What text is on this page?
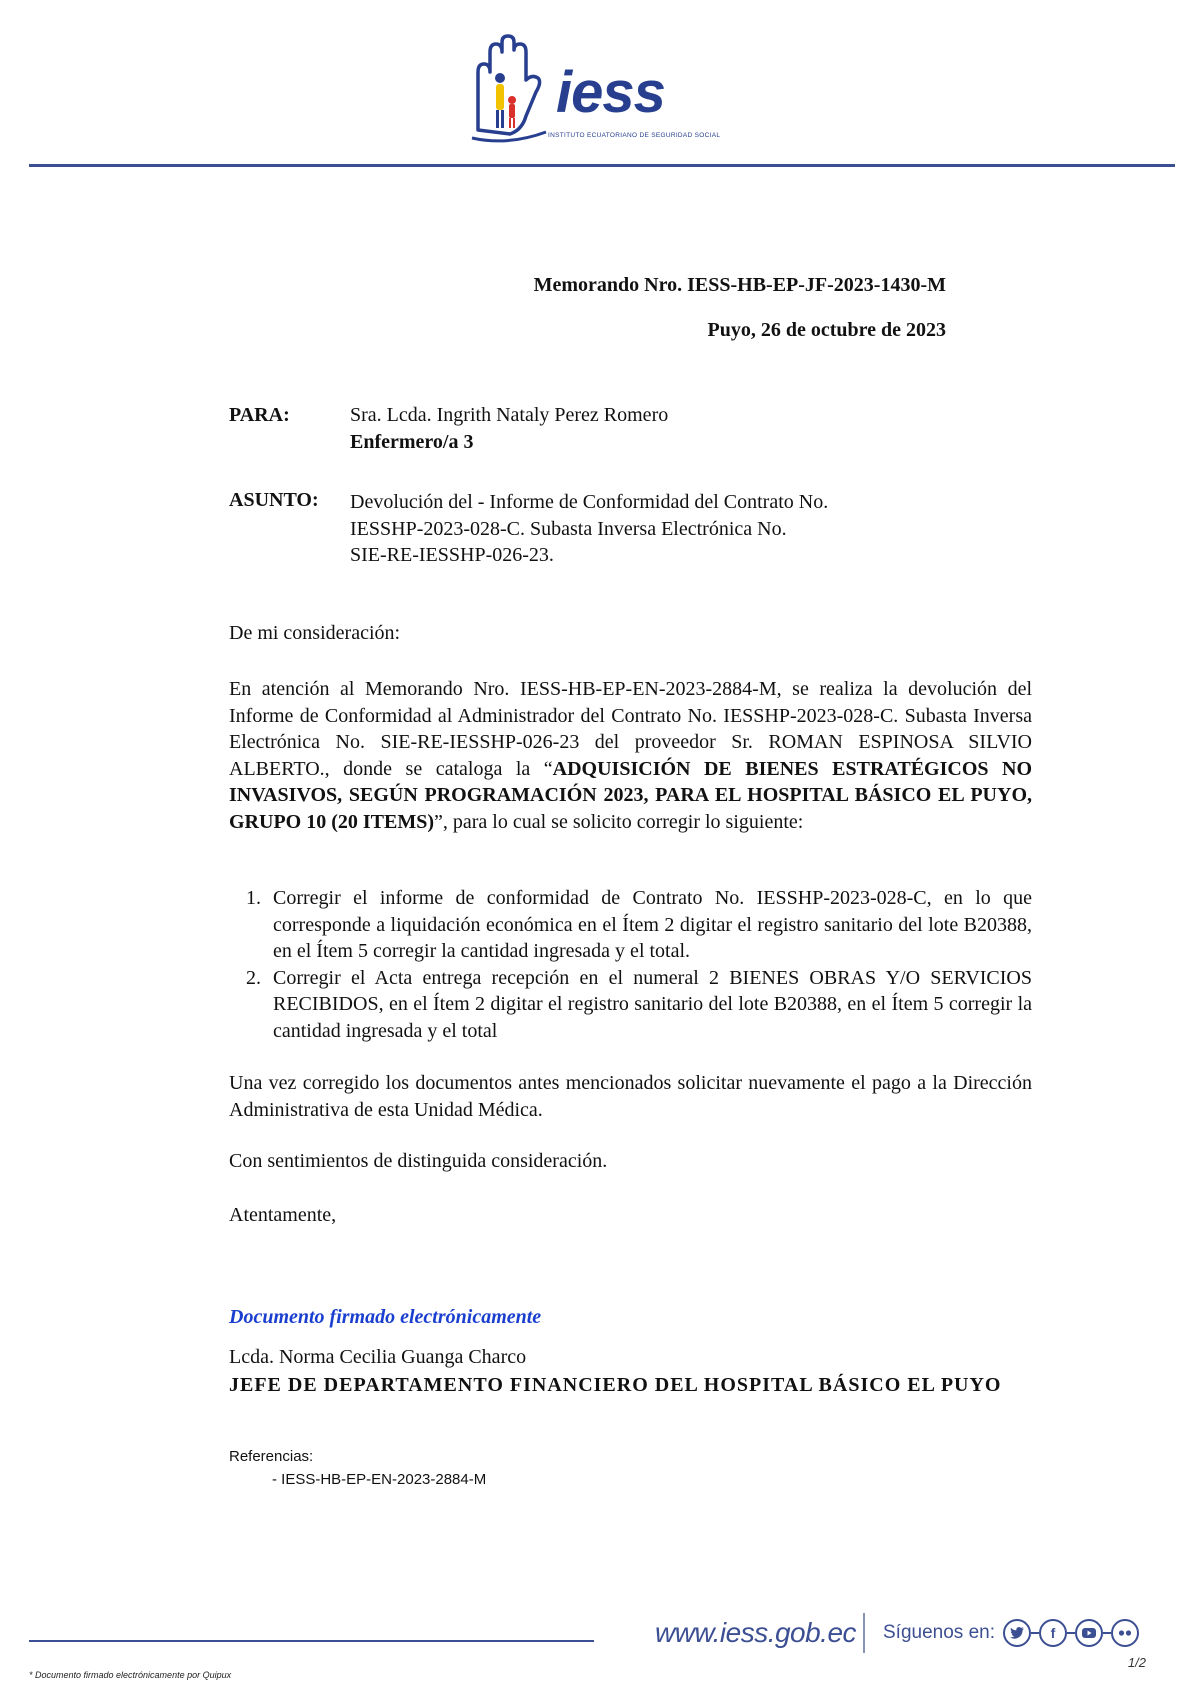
iess
INSTITUTO ECUATORIANO DE SEGURIDAD SOCIAL
Memorando Nro. IESS-HB-EP-JF-2023-1430-M
Puyo, 26 de octubre de 2023
PARA:	Sra. Lcda. Ingrith Nataly Perez Romero
Enfermero/a 3
ASUNTO: Devolución del - Informe de Conformidad del Contrato No.
IESSHP-2023-028-C. Subasta Inversa Electrónica No.
SIE-RE-IESSHP-026-23.
De mi consideración:
En atención al Memorando Nro. IESS-HB-EP-EN-2023-2884-M, se realiza la devolución del Informe de Conformidad al Administrador del Contrato No. IESSHP-2023-028-C. Subasta Inversa Electrónica No. SIE-RE-IESSHP-026-23 del proveedor Sr. ROMAN ESPINOSA SILVIO ALBERTO., donde se cataloga la “ADQUISICIÓN DE BIENES ESTRATÉGICOS NO INVASIVOS, SEGÚN PROGRAMACIÓN 2023, PARA EL HOSPITAL BÁSICO EL PUYO, GRUPO 10 (20 ITEMS)”, para lo cual se solicito corregir lo siguiente:
1. Corregir el informe de conformidad de Contrato No. IESSHP-2023-028-C, en lo que corresponde a liquidación económica en el Ítem 2 digitar el registro sanitario del lote B20388, en el Ítem 5 corregir la cantidad ingresada y el total.
2. Corregir el Acta entrega recepción en el numeral 2 BIENES OBRAS Y/O SERVICIOS RECIBIDOS, en el Ítem 2 digitar el registro sanitario del lote B20388, en el Ítem 5 corregir la cantidad ingresada y el total
Una vez corregido los documentos antes mencionados solicitar nuevamente el pago a la Dirección Administrativa de esta Unidad Médica.
Con sentimientos de distinguida consideración.
Atentamente,
Documento firmado electrónicamente
Lcda. Norma Cecilia Guanga Charco
JEFE DE DEPARTAMENTO FINANCIERO DEL HOSPITAL BÁSICO EL PUYO
Referencias:
- IESS-HB-EP-EN-2023-2884-M
www.iess.gob.ec Síguenos en:	f
1/2
* Documento firmado electrónicamente por Quipux
